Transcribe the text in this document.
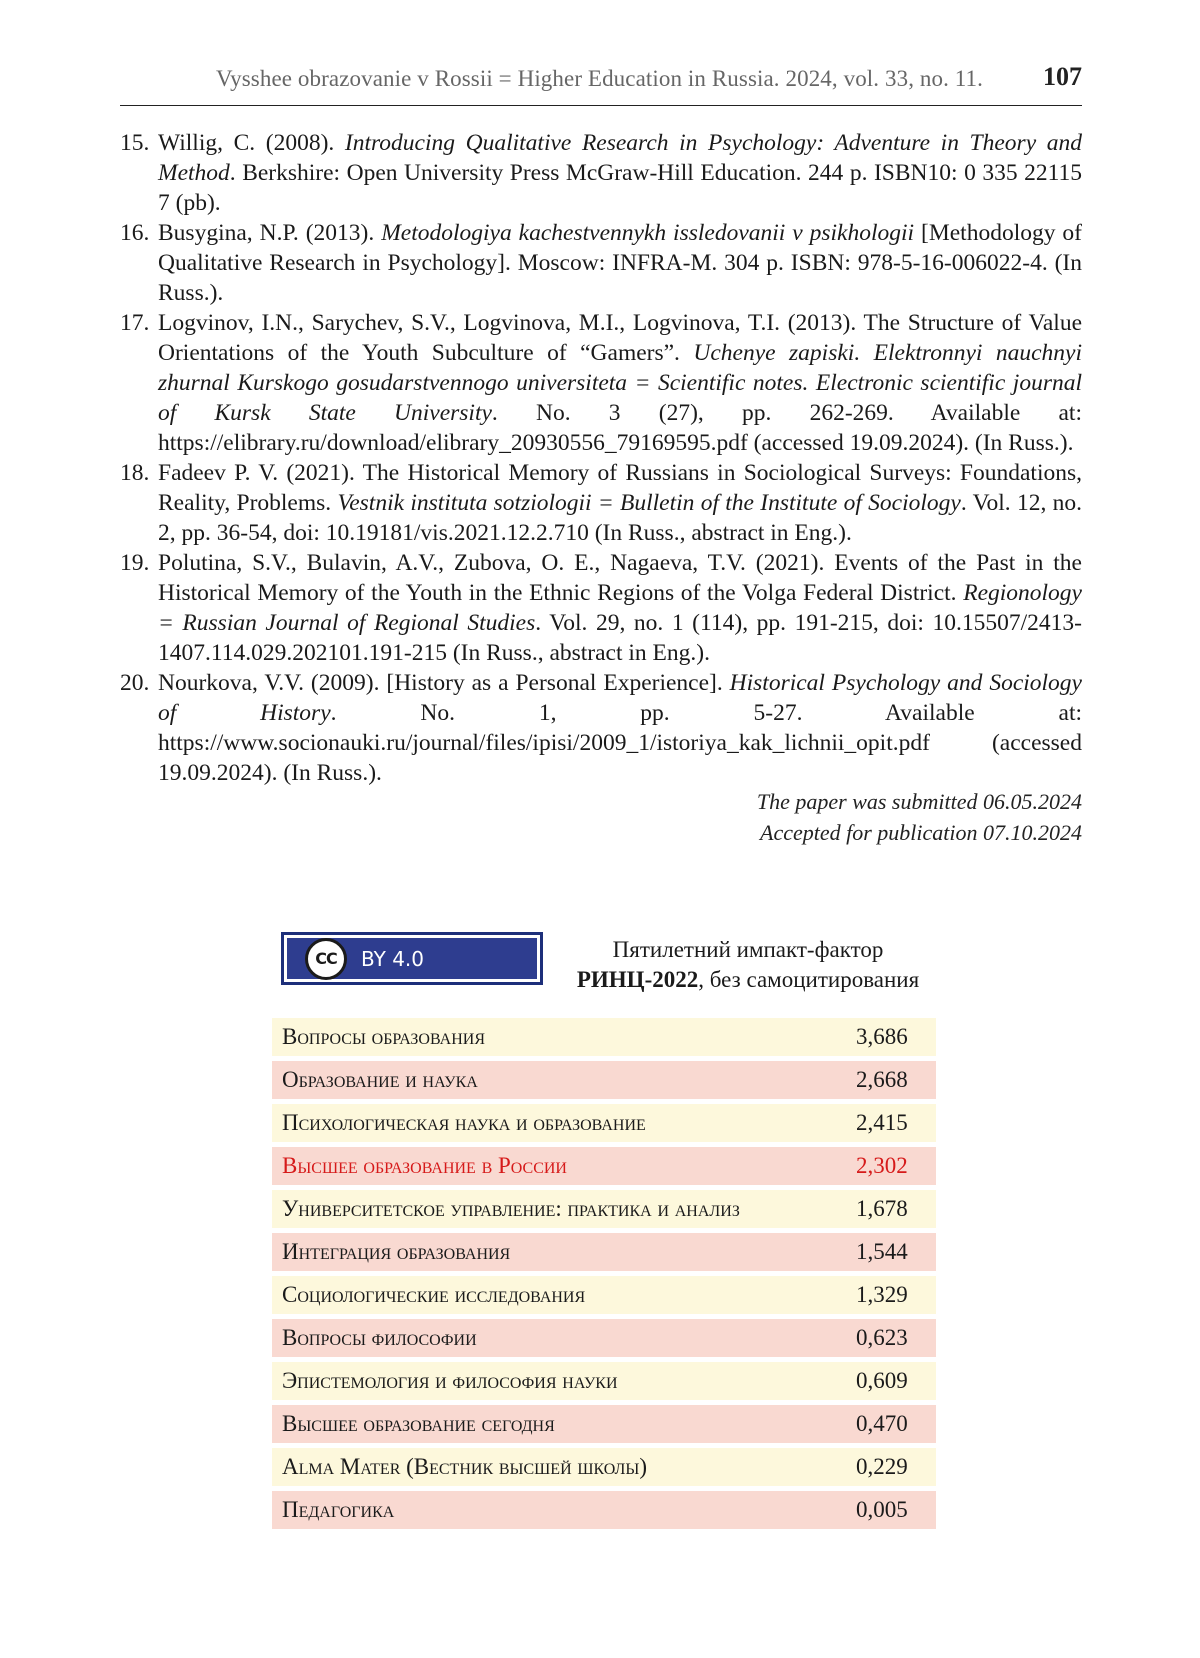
Vysshee obrazovanie v Rossii = Higher Education in Russia. 2024, vol. 33, no. 11. 107
15. Willig, C. (2008). Introducing Qualitative Research in Psychology: Adventure in Theory and Method. Berkshire: Open University Press McGraw-Hill Education. 244 p. ISBN10: 0 335 22115 7 (pb).
16. Busygina, N.P. (2013). Metodologiya kachestvennykh issledovanii v psikhologii [Methodology of Qualitative Research in Psychology]. Moscow: INFRA-M. 304 p. ISBN: 978-5-16-006022-4. (In Russ.).
17. Logvinov, I.N., Sarychev, S.V., Logvinova, M.I., Logvinova, T.I. (2013). The Structure of Value Orientations of the Youth Subculture of “Gamers”. Uchenye zapiski. Elektronnyi nauchnyi zhurnal Kurskogo gosudarstvennogo universiteta = Scientific notes. Electronic scientific journal of Kursk State University. No. 3 (27), pp. 262-269. Available at: https://elibrary.ru/download/elibrary_20930556_79169595.pdf (accessed 19.09.2024). (In Russ.).
18. Fadeev P. V. (2021). The Historical Memory of Russians in Sociological Surveys: Foundations, Reality, Problems. Vestnik instituta sotziologii = Bulletin of the Institute of Sociology. Vol. 12, no. 2, pp. 36-54, doi: 10.19181/vis.2021.12.2.710 (In Russ., abstract in Eng.).
19. Polutina, S.V., Bulavin, A.V., Zubova, O. E., Nagaeva, T.V. (2021). Events of the Past in the Historical Memory of the Youth in the Ethnic Regions of the Volga Federal District. Regionology = Russian Journal of Regional Studies. Vol. 29, no. 1 (114), pp. 191-215, doi: 10.15507/2413-1407.114.029.202101.191-215 (In Russ., abstract in Eng.).
20. Nourkova, V.V. (2009). [History as a Personal Experience]. Historical Psychology and Sociology of History. No. 1, pp. 5-27. Available at: https://www.socionauki.ru/journal/files/ipisi/2009_1/istoriya_kak_lichnii_opit.pdf (accessed 19.09.2024). (In Russ.).
The paper was submitted 06.05.2024
Accepted for publication 07.10.2024
CC	BY 4.0	Пятилетний импакт-фактор
РИНЦ-2022, без самоцитирования
Вопросы образования	3,686
Образование и наука	2,668
Психологическая наука и образование	2,415
Высшее образование в России	2,302
Университетское управление: практика и анализ	1,678
Интеграция образования	1,544
Социологические исследования	1,329
Вопросы философии	0,623
Эпистемология и философия науки	0,609
Высшее образование сегодня	0,470
Alma Mater (Вестник высшей школы)	0,229
Педагогика	0,005
